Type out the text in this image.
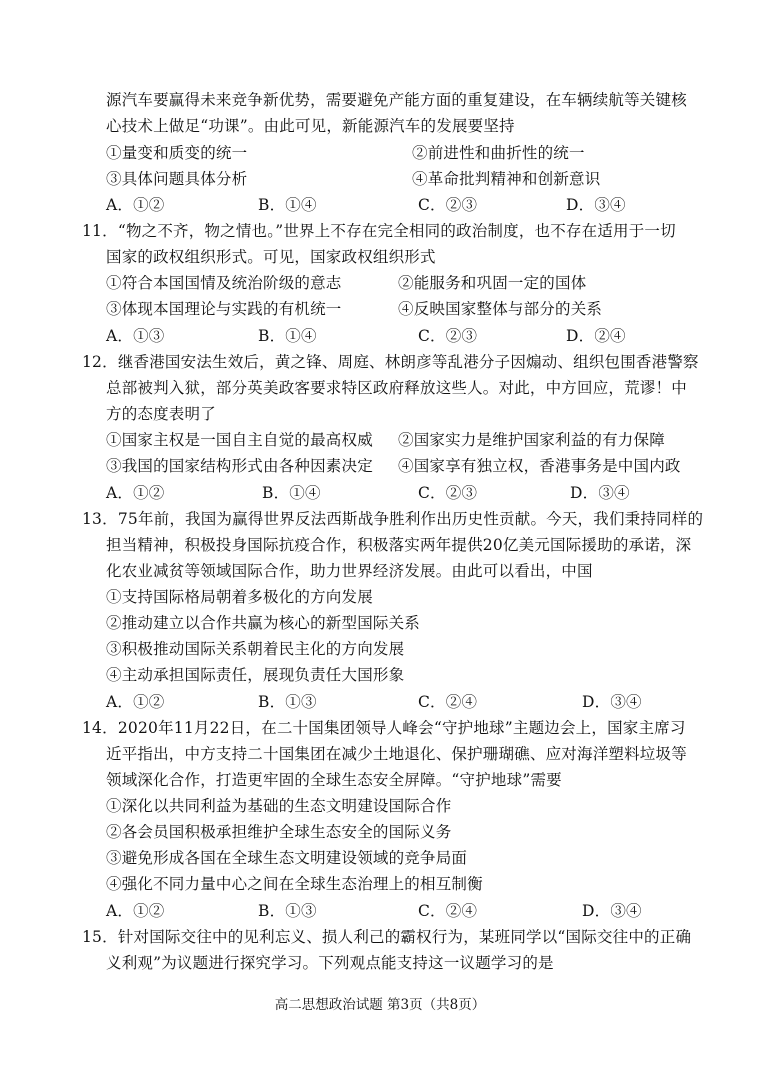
源汽车要赢得未来竞争新优势，需要避免产能方面的重复建设，在车辆续航等关键核
心技术上做足“功课”。由此可见，新能源汽车的发展要坚持
①量变和质变的统一	②前进性和曲折性的统一
③具体问题具体分析	④革命批判精神和创新意识
A．①②	B．①④	C．②③	D．③④
11．“物之不齐，物之情也。”世界上不存在完全相同的政治制度，也不存在适用于一切
国家的政权组织形式。可见，国家政权组织形式
①符合本国国情及统治阶级的意志	②能服务和巩固一定的国体
③体现本国理论与实践的有机统一	④反映国家整体与部分的关系
A．①③	B．①④	C．②③	D．②④
12．继香港国安法生效后，黄之锋、周庭、林朗彦等乱港分子因煽动、组织包围香港警察
总部被判入狱，部分英美政客要求特区政府释放这些人。对此，中方回应，荒谬！中
方的态度表明了
①国家主权是一国自主自觉的最高权威 ②国家实力是维护国家利益的有力保障
③我国的国家结构形式由各种因素决定 ④国家享有独立权，香港事务是中国内政
A．①②	B．①④	C．②③	D．③④
13．75年前，我国为赢得世界反法西斯战争胜利作出历史性贡献。今天，我们秉持同样的
担当精神，积极投身国际抗疫合作，积极落实两年提供20亿美元国际援助的承诺，深
化农业减贫等领域国际合作，助力世界经济发展。由此可以看出，中国
①支持国际格局朝着多极化的方向发展
②推动建立以合作共赢为核心的新型国际关系
③积极推动国际关系朝着民主化的方向发展
④主动承担国际责任，展现负责任大国形象
A．①②	B．①③	C．②④	D．③④
14．2020年11月22日，在二十国集团领导人峰会“守护地球”主题边会上，国家主席习
近平指出，中方支持二十国集团在减少土地退化、保护珊瑚礁、应对海洋塑料垃圾等
领域深化合作，打造更牢固的全球生态安全屏障。“守护地球”需要
①深化以共同利益为基础的生态文明建设国际合作
②各会员国积极承担维护全球生态安全的国际义务
③避免形成各国在全球生态文明建设领域的竞争局面
④强化不同力量中心之间在全球生态治理上的相互制衡
A．①②	B．①③	C．②④	D．③④
15．针对国际交往中的见利忘义、损人利己的霸权行为，某班同学以“国际交往中的正确
义利观”为议题进行探究学习。下列观点能支持这一议题学习的是
高二思想政治试题 第3页（共8页）
